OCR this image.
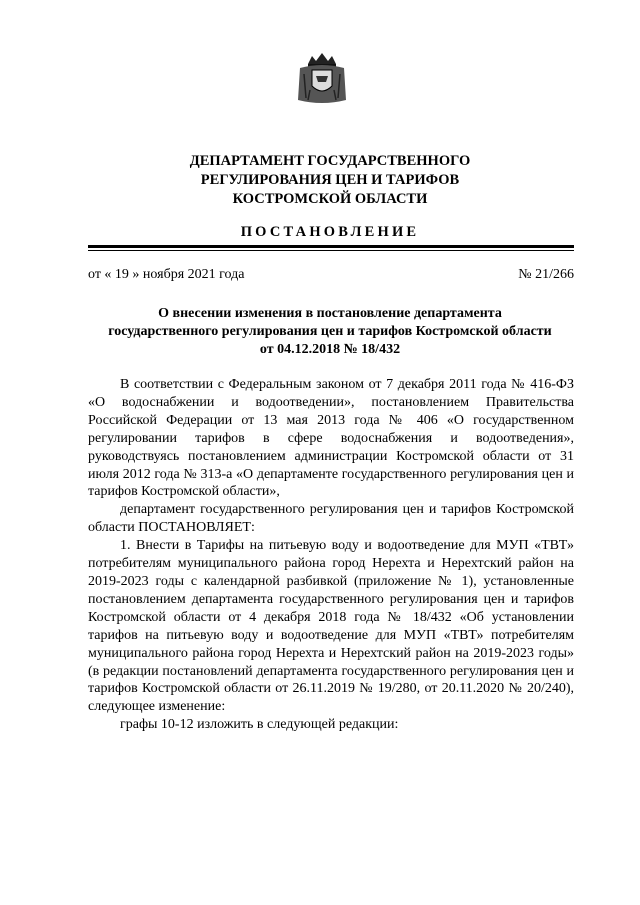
ДЕПАРТАМЕНТ ГОСУДАРСТВЕННОГО
РЕГУЛИРОВАНИЯ ЦЕН И ТАРИФОВ
КОСТРОМСКОЙ ОБЛАСТИ
ПОСТАНОВЛЕНИЕ
от « 19 » ноября 2021 года	№ 21/266
О внесении изменения в постановление департамента
государственного регулирования цен и тарифов Костромской области
от 04.12.2018 № 18/432

В соответствии с Федеральным законом от 7 декабря 2011 года № 416-ФЗ «О водоснабжении и водоотведении», постановлением Правительства Российской Федерации от 13 мая 2013 года № 406 «О государственном регулировании тарифов в сфере водоснабжения и водоотведения», руководствуясь постановлением администрации Костромской области от 31 июля 2012 года № 313-а «О департаменте государственного регулирования цен и тарифов Костромской области»,

департамент государственного регулирования цен и тарифов Костромской области ПОСТАНОВЛЯЕТ:

1. Внести в Тарифы на питьевую воду и водоотведение для МУП «ТВТ» потребителям муниципального района город Нерехта и Нерехтский район на 2019-2023 годы с календарной разбивкой (приложение № 1), установленные постановлением департамента государственного регулирования цен и тарифов Костромской области от 4 декабря 2018 года № 18/432 «Об установлении тарифов на питьевую воду и водоотведение для МУП «ТВТ» потребителям муниципального района город Нерехта и Нерехтский район на 2019-2023 годы» (в редакции постановлений департамента государственного регулирования цен и тарифов Костромской области от 26.11.2019 № 19/280, от 20.11.2020 № 20/240), следующее изменение:

графы 10-12 изложить в следующей редакции:
